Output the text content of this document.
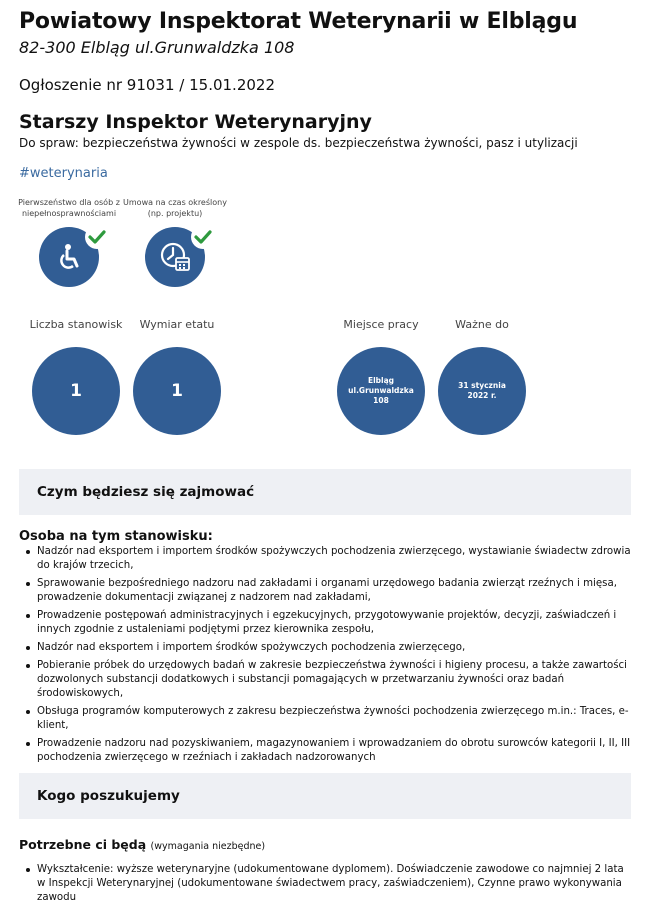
Powiatowy Inspektorat Weterynarii w Elblągu
82-300 Elbląg ul.Grunwaldzka 108
Ogłoszenie nr 91031 / 15.01.2022
Starszy Inspektor Weterynaryjny
Do spraw: bezpieczeństwa żywności w zespole ds. bezpieczeństwa żywności, pasz i utylizacji
#weterynaria
Pierwszeństwo dla osób z niepełnosprawnościami
Umowa na czas określony (np. projektu)
Liczba stanowisk
1
Wymiar etatu
1
Miejsce pracy
Elbląg
ul.Grunwaldzka 108
Ważne do
31 stycznia
2022 r.
Czym będziesz się zajmować
Osoba na tym stanowisku:
Nadzór nad eksportem i importem środków spożywczych pochodzenia zwierzęcego, wystawianie świadectw zdrowia do krajów trzecich,
Sprawowanie bezpośredniego nadzoru nad zakładami i organami urzędowego badania zwierząt rzeźnych i mięsa, prowadzenie dokumentacji związanej z nadzorem nad zakładami,
Prowadzenie postępowań administracyjnych i egzekucyjnych, przygotowywanie projektów, decyzji, zaświadczeń i innych zgodnie z ustaleniami podjętymi przez kierownika zespołu,
Nadzór nad eksportem i importem środków spożywczych pochodzenia zwierzęcego,
Pobieranie próbek do urzędowych badań w zakresie bezpieczeństwa żywności i higieny procesu, a także zawartości dozwolonych substancji dodatkowych i substancji pomagających w przetwarzaniu żywności oraz badań środowiskowych,
Obsługa programów komputerowych z zakresu bezpieczeństwa żywności pochodzenia zwierzęcego m.in.: Traces, e-klient,
Prowadzenie nadzoru nad pozyskiwaniem, magazynowaniem i wprowadzaniem do obrotu surowców kategorii I, II, III pochodzenia zwierzęcego w rzeźniach i zakładach nadzorowanych
Kogo poszukujemy
Potrzebne ci będą (wymagania niezbędne)
Wykształcenie: wyższe weterynaryjne (udokumentowane dyplomem). Doświadczenie zawodowe co najmniej 2 lata w Inspekcji Weterynaryjnej (udokumentowane świadectwem pracy, zaświadczeniem), Czynne prawo wykonywania zawodu
